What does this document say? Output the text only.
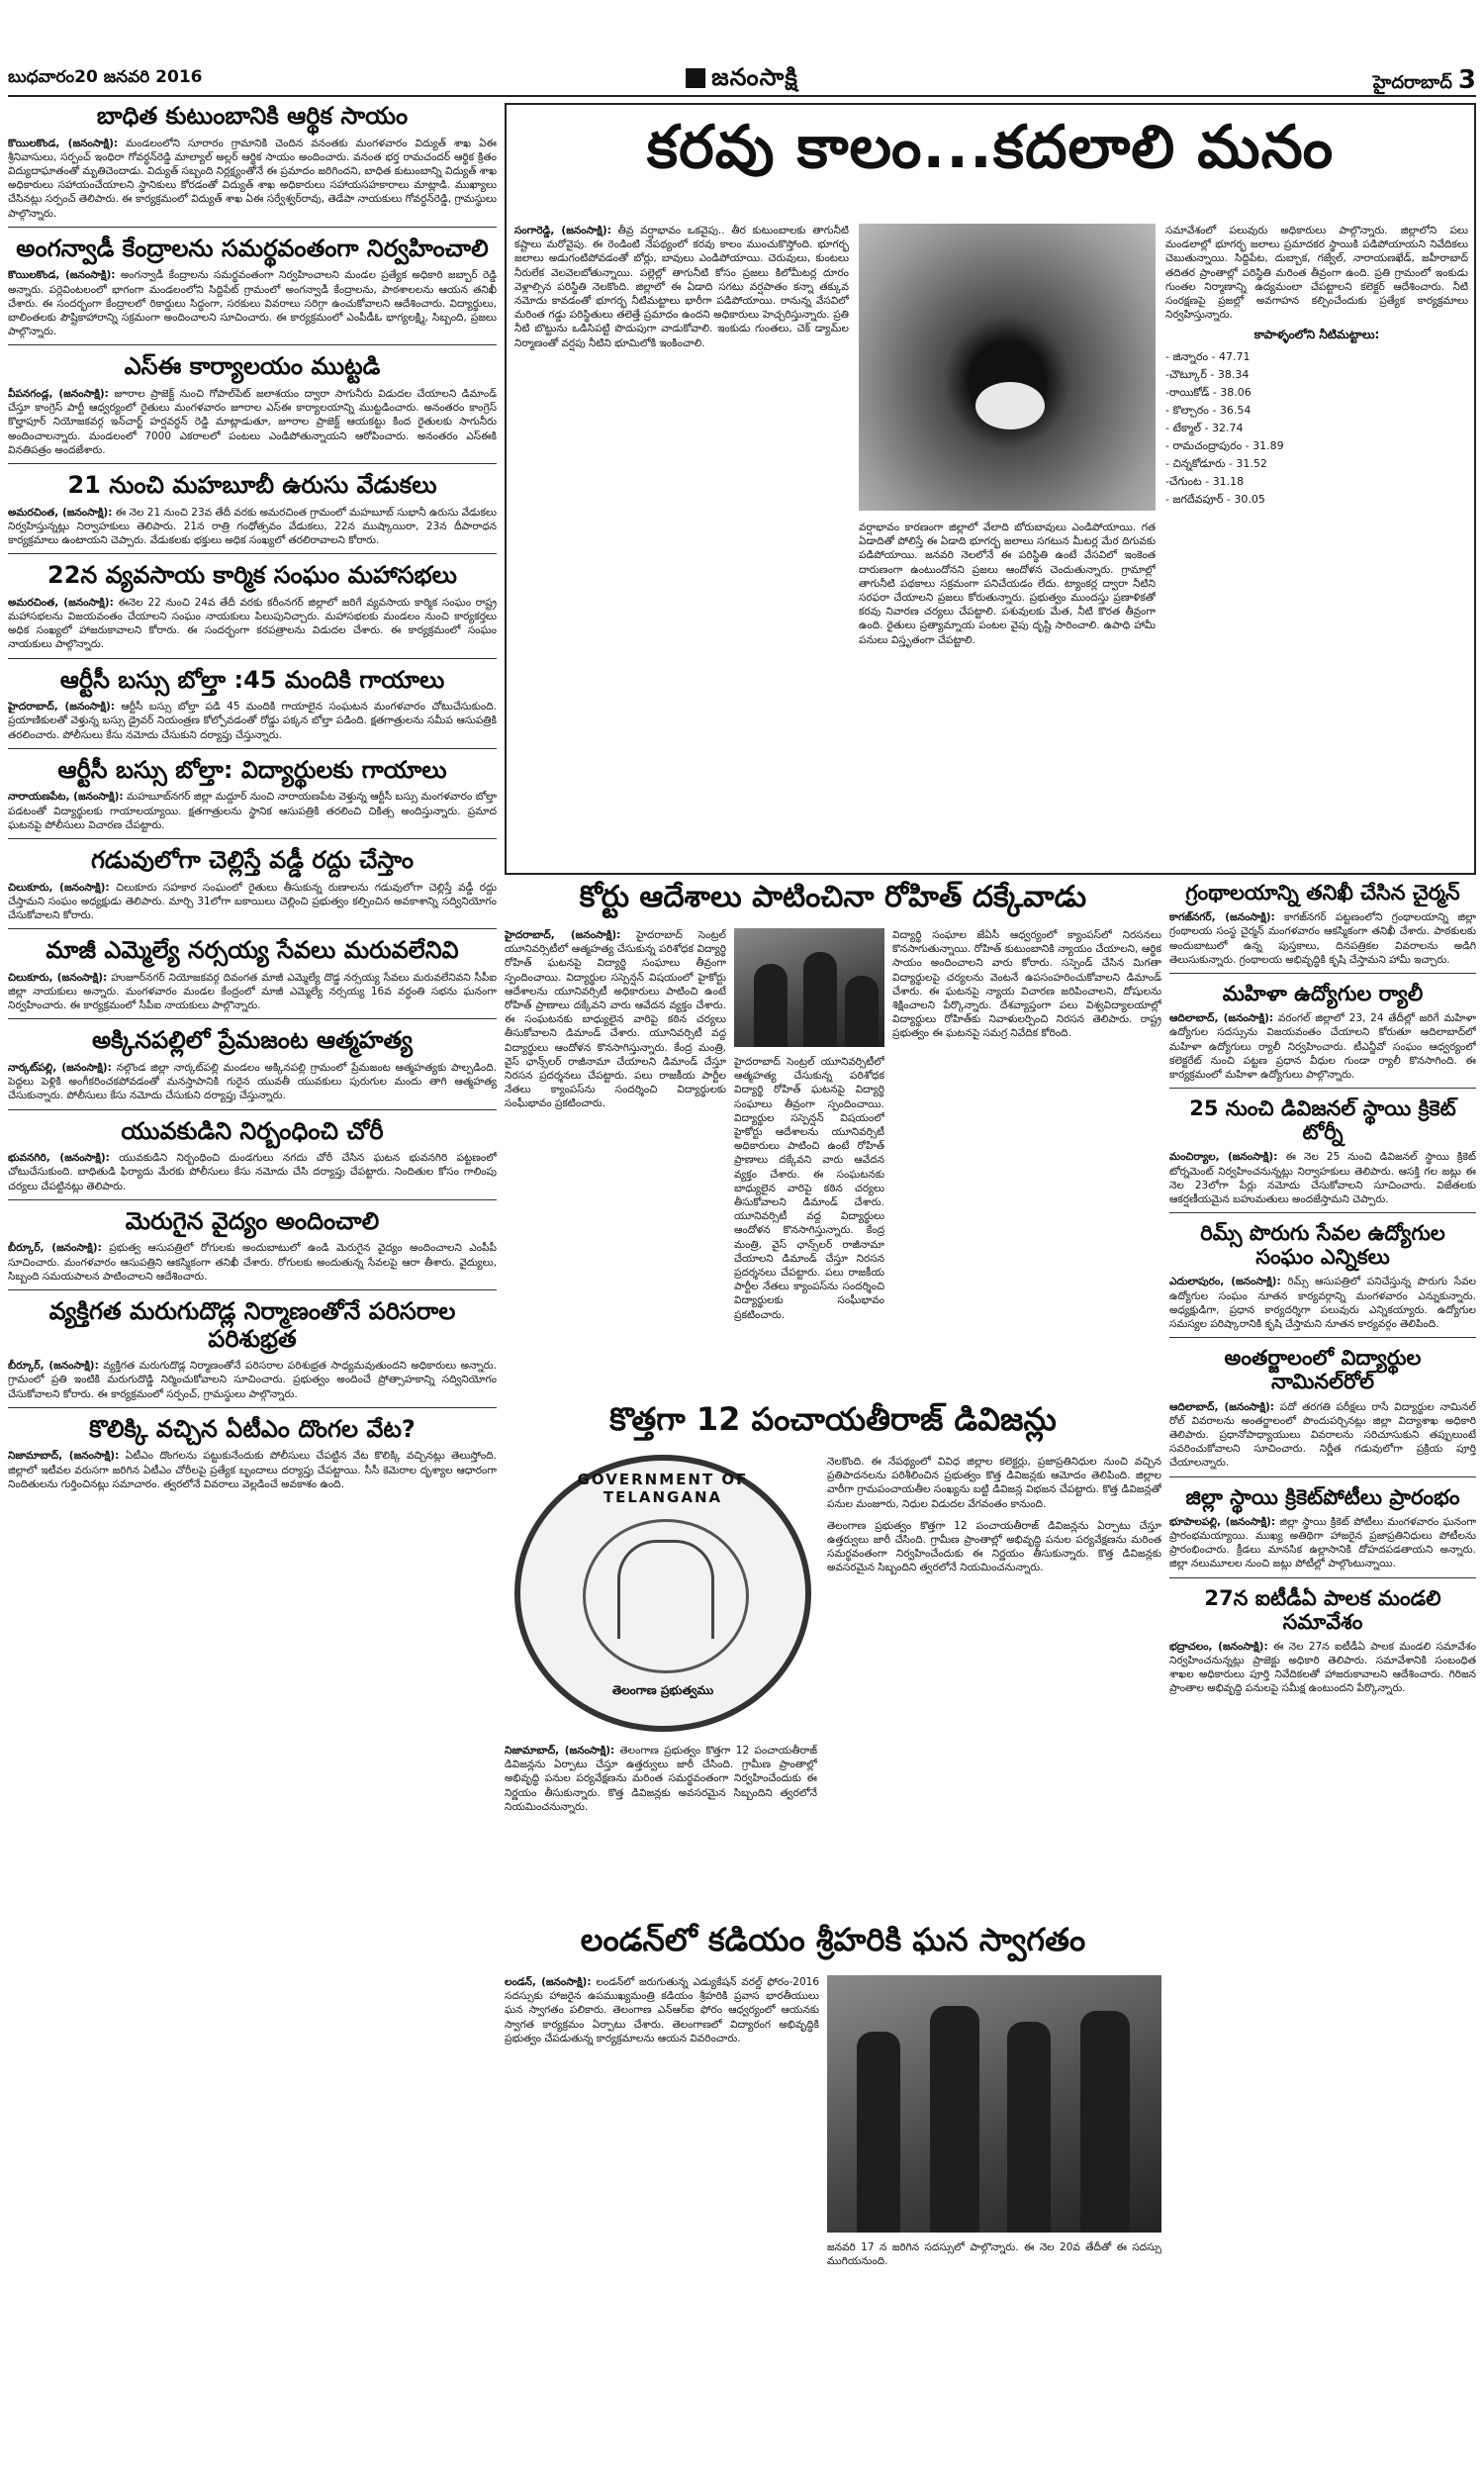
బుధవారం20 జనవరి 2016	జనంసాక్షి	హైదరాబాద్ 3
బాధిత కుటుంబానికి ఆర్థిక సాయం

కొయిలకొండ, (జనంసాక్షి): మండలంలోని సూరారం గ్రామానికి చెందిన వనంతకు మంగళవారం విద్యుత్‌ శాఖ ఏఈ శ్రీనివాసులు, సర్పంచ్‌ ఇంధిరా గోవర్ధన్‌రెడ్డి మాల్యాల్‌ అల్లర్‌ ఆర్థిక సాయం అందించారు. వనంత భర్త రామచందర్‌ ఆర్థిక క్రితం విద్యుదాఘాతంతో మృతిచెందాడు. విద్యుత్‌ సబ్బంది నిర్లక్ష్యంతోనే ఈ ప్రమాదం జరిగిందని, బాధిత కుటుంబాన్ని విద్యుత్‌ శాఖ అధికారులు సహాయంచేయాలని స్థానికులు కోరడంతో విద్యుత్‌ శాఖ అధికారులు సహాయసహకారాలు మాట్లాడి. ముఖ్యాలు చేసినట్లు సర్పంచ్‌ తెలిపారు. ఈ కార్యక్రమంలో విద్యుత్‌ శాఖ ఏఈ సర్వేశ్వర్‌రావు, తెడేపా నాయకులు గోవర్ధన్‌రెడ్డి, గ్రామస్థులు పాల్గొన్నారు.

అంగన్వాడీ కేంద్రాలను సమర్థవంతంగా నిర్వహించాలి

కొయిలకొండ, (జనంసాక్షి): అంగన్వాడీ కేంద్రాలను సమర్థవంతంగా నిర్వహించాలని మండల ప్రత్యేక అధికారి జబ్బార్‌ రెడ్డి అన్నారు. పర్లెవింటలంలో భాగంగా మండలంలోని సిద్దిపేట్‌ గ్రామంలో అంగన్వాడీ కేంద్రాలను, పాఠశాలలను ఆయన తనిఖీ చేశారు. ఈ సందర్భంగా కేంద్రాలలో రికార్డులు సిద్ధంగా, సరకులు వివరాలు సరిగ్గా ఉంచుకోవాలని ఆదేశించారు. విద్యార్థులు, బాలింతలకు పౌష్టికాహారాన్ని సక్రమంగా అందించాలని సూచించారు. ఈ కార్యక్రమంలో ఎంపీడీఓ భాగ్యలక్ష్మి, సిబ్బంది, ప్రజలు పాల్గొన్నారు.

ఎస్‌ఈ కార్యాలయం ముట్టడి

వీపనగండ్ల, (జనంసాక్షి): జూరాల ప్రాజెక్ట్‌ నుంచి గోపాల్‌పేట్‌ జలాశయం ద్వారా సాగునీరు విడుదల చేయాలని డిమాండ్‌ చేస్తూ కాంగ్రెస్‌ పార్టీ ఆధ్వర్యంలో రైతులు మంగళవారం జూరాల ఎస్‌ఈ కార్యాలయాన్ని ముట్టడించారు. అనంతరం కాంగ్రెస్‌ కొల్హాపూర్‌ నియోజకవర్గ ఇన్‌చార్జ్‌ హర్షవర్ధన్‌ రెడ్డి మాట్లాడుతూ, జూరాల ప్రాజెక్ట్‌ ఆయకట్టు కింద రైతులకు సాగునీరు అందించాలన్నారు. మండలంలో 7000 ఎకరాలలో పంటలు ఎండిపోతున్నాయని ఆరోపించారు. అనంతరం ఎస్‌ఈకి వినతిపత్రం అందజేశారు.

21 నుంచి మహబూబీ ఉరుసు వేడుకలు

అమరచింత, (జనంసాక్షి): ఈ నెల 21 నుంచి 23వ తేదీ వరకు అమరచింత గ్రామంలో మహబూబ్‌ సుభానీ ఉరుసు వేడుకలు నిర్వహిస్తున్నట్లు నిర్వాహకులు తెలిపారు. 21న రాత్రి గంధోత్సవం వేడుకలు, 22న ముష్కాయిరా, 23న దీపారాధన కార్యక్రమాలు ఉంటాయని చెప్పారు. వేడుకలకు భక్తులు అధిక సంఖ్యలో తరలిరావాలని కోరారు.

22న వ్యవసాయ కార్మిక సంఘం మహాసభలు

అమరచింత, (జనంసాక్షి): ఈనెల 22 నుంచి 24వ తేదీ వరకు కరీంనగర్‌ జిల్లాలో జరిగే వ్యవసాయ కార్మిక సంఘం రాష్ట్ర మహాసభలను విజయవంతం చేయాలని సంఘం నాయకులు పిలుపునిచ్చారు. మహాసభలకు మండలం నుంచి కార్యకర్తలు అధిక సంఖ్యలో హాజరుకావాలని కోరారు. ఈ సందర్భంగా కరపత్రాలను విడుదల చేశారు. ఈ కార్యక్రమంలో సంఘం నాయకులు పాల్గొన్నారు.

ఆర్టీసీ బస్సు బోల్తా :45 మందికి గాయాలు

హైదరాబాద్‌, (జనంసాక్షి): ఆర్టీసీ బస్సు బోల్తా పడి 45 మందికి గాయాలైన సంఘటన మంగళవారం చోటుచేసుకుంది. ప్రయాణికులతో వెళ్తున్న బస్సు డ్రైవర్‌ నియంత్రణ కోల్పోవడంతో రోడ్డు పక్కన బోల్తా పడింది. క్షతగాత్రులను సమీప ఆసుపత్రికి తరలించారు. పోలీసులు కేసు నమోదు చేసుకుని దర్యాప్తు చేస్తున్నారు.

ఆర్టీసీ బస్సు బోల్తా: విద్యార్థులకు గాయాలు

నారాయణపేట, (జనంసాక్షి): మహబూబ్‌నగర్‌ జిల్లా మద్దూర్‌ నుంచి నారాయణపేట వెళ్తున్న ఆర్టీసీ బస్సు మంగళవారం బోల్తా పడటంతో విద్యార్థులకు గాయాలయ్యాయి. క్షతగాత్రులను స్థానిక ఆసుపత్రికి తరలించి చికిత్స అందిస్తున్నారు. ప్రమాద ఘటనపై పోలీసులు విచారణ చేపట్టారు.

గడువులోగా చెల్లిస్తే వడ్డీ రద్దు చేస్తాం

చిలుకూరు, (జనంసాక్షి): చిలుకూరు సహకార సంఘంలో రైతులు తీసుకున్న రుణాలను గడువులోగా చెల్లిస్తే వడ్డీ రద్దు చేస్తామని సంఘం అధ్యక్షుడు తెలిపారు. మార్చి 31లోగా బకాయిలు చెల్లించి ప్రభుత్వం కల్పించిన అవకాశాన్ని సద్వినియోగం చేసుకోవాలని కోరారు.

మాజీ ఎమ్మెల్యే నర్సయ్య సేవలు మరువలేనివి

చిలుకూరు, (జనంసాక్షి): హుజూర్‌నగర్‌ నియోజకవర్గ దివంగత మాజీ ఎమ్మెల్యే దొడ్డ నర్సయ్య సేవలు మరువలేనివని సీపీఐ జిల్లా నాయకులు అన్నారు. మంగళవారం మండల కేంద్రంలో మాజీ ఎమ్మెల్యే నర్సయ్య 16వ వర్ధంతి సభను ఘనంగా నిర్వహించారు. ఈ కార్యక్రమంలో సీపీఐ నాయకులు పాల్గొన్నారు.

అక్కినపల్లిలో ప్రేమజంట ఆత్మహత్య

నార్కట్‌పల్లి, (జనంసాక్షి): నల్గొండ జిల్లా నార్కట్‌పల్లి మండలం అక్కినపల్లి గ్రామంలో ప్రేమజంట ఆత్మహత్యకు పాల్పడింది. పెద్దలు పెళ్లికి అంగీకరించకపోవడంతో మనస్తాపానికి గురైన యువతీ యువకులు పురుగుల మందు తాగి ఆత్మహత్య చేసుకున్నారు. పోలీసులు కేసు నమోదు చేసుకుని దర్యాప్తు చేస్తున్నారు.

యువకుడిని నిర్బంధించి చోరీ

భువనగిరి, (జనంసాక్షి): యువకుడిని నిర్బంధించి దుండగులు నగదు చోరీ చేసిన ఘటన భువనగిరి పట్టణంలో చోటుచేసుకుంది. బాధితుడి ఫిర్యాదు మేరకు పోలీసులు కేసు నమోదు చేసి దర్యాప్తు చేపట్టారు. నిందితుల కోసం గాలింపు చర్యలు చేపట్టినట్లు తెలిపారు.

మెరుగైన వైద్యం అందించాలి

బీర్కూర్‌, (జనంసాక్షి): ప్రభుత్వ ఆసుపత్రిలో రోగులకు అందుబాటులో ఉండి మెరుగైన వైద్యం అందించాలని ఎంపీపీ సూచించారు. మంగళవారం ఆసుపత్రిని ఆకస్మికంగా తనిఖీ చేశారు. రోగులకు అందుతున్న సేవలపై ఆరా తీశారు. వైద్యులు, సిబ్బంది సమయపాలన పాటించాలని ఆదేశించారు.

వ్యక్తిగత మరుగుదొడ్ల నిర్మాణంతోనే పరిసరాల పరిశుభ్రత

బీర్కూర్‌, (జనంసాక్షి): వ్యక్తిగత మరుగుదొడ్ల నిర్మాణంతోనే పరిసరాల పరిశుభ్రత సాధ్యమవుతుందని అధికారులు అన్నారు. గ్రామంలో ప్రతి ఇంటికి మరుగుదొడ్డి నిర్మించుకోవాలని సూచించారు. ప్రభుత్వం అందించే ప్రోత్సాహకాన్ని సద్వినియోగం చేసుకోవాలని కోరారు. ఈ కార్యక్రమంలో సర్పంచ్‌, గ్రామస్థులు పాల్గొన్నారు.

కొలిక్కి వచ్చిన ఏటీఎం దొంగల వేట?

నిజామాబాద్‌, (జనంసాక్షి): ఏటీఎం దొంగలను పట్టుకునేందుకు పోలీసులు చేపట్టిన వేట కొలిక్కి వచ్చినట్లు తెలుస్తోంది. జిల్లాలో ఇటీవల వరుసగా జరిగిన ఏటీఎం చోరీలపై ప్రత్యేక బృందాలు దర్యాప్తు చేపట్టాయి. సీసీ కెమెరాల దృశ్యాల ఆధారంగా నిందితులను గుర్తించినట్లు సమాచారం. త్వరలోనే వివరాలు వెల్లడించే అవకాశం ఉంది.

కరవు కాలం...కదలాలి మనం

సంగారెడ్డి, (జనంసాక్షి): తీవ్ర వర్షాభావం ఒకవైపు.. తీర కుటుంబాలకు తాగునీటి కష్టాలు మరోవైపు. ఈ రెండింటి నేపథ్యంలో కరవు కాలం ముంచుకొస్తోంది. భూగర్భ జలాలు అడుగంటిపోవడంతో బోర్లు, బావులు ఎండిపోయాయి. చెరువులు, కుంటలు నీరులేక వెలవెలబోతున్నాయి. పల్లెల్లో తాగునీటి కోసం ప్రజలు కిలోమీటర్ల దూరం వెళ్లాల్సిన పరిస్థితి నెలకొంది. జిల్లాలో ఈ ఏడాది సగటు వర్షపాతం కన్నా తక్కువ నమోదు కావడంతో భూగర్భ నీటిమట్టాలు భారీగా పడిపోయాయి. రానున్న వేసవిలో మరింత గడ్డు పరిస్థితులు తలెత్తే ప్రమాదం ఉందని అధికారులు హెచ్చరిస్తున్నారు. ప్రతి నీటి బొట్టును ఒడిసిపట్టి పొదుపుగా వాడుకోవాలి. ఇంకుడు గుంతలు, చెక్‌ డ్యామ్‌ల నిర్మాణంతో వర్షపు నీటిని భూమిలోకి ఇంకించాలి.

వర్షాభావం కారణంగా జిల్లాలో వేలాది బోరుబావులు ఎండిపోయాయి. గత ఏడాదితో పోలిస్తే ఈ ఏడాది భూగర్భ జలాలు సగటున మీటర్ల మేర దిగువకు పడిపోయాయి. జనవరి నెలలోనే ఈ పరిస్థితి ఉంటే వేసవిలో ఇంకెంత దారుణంగా ఉంటుందోనని ప్రజలు ఆందోళన చెందుతున్నారు. గ్రామాల్లో తాగునీటి పథకాలు సక్రమంగా పనిచేయడం లేదు. ట్యాంకర్ల ద్వారా నీటిని సరఫరా చేయాలని ప్రజలు కోరుతున్నారు. ప్రభుత్వం ముందస్తు ప్రణాళికతో కరవు నివారణ చర్యలు చేపట్టాలి. పశువులకు మేత, నీటి కొరత తీవ్రంగా ఉంది. రైతులు ప్రత్యామ్నాయ పంటల వైపు దృష్టి సారించాలి. ఉపాధి హామీ పనులు విస్తృతంగా చేపట్టాలి.

సమావేశంలో పలువురు అధికారులు పాల్గొన్నారు. జిల్లాలోని పలు మండలాల్లో భూగర్భ జలాలు ప్రమాదకర స్థాయికి పడిపోయాయని నివేదికలు చెబుతున్నాయి. సిద్దిపేట, దుబ్బాక, గజ్వేల్‌, నారాయణఖేడ్‌, జహీరాబాద్‌ తదితర ప్రాంతాల్లో పరిస్థితి మరింత తీవ్రంగా ఉంది. ప్రతి గ్రామంలో ఇంకుడు గుంతల నిర్మాణాన్ని ఉద్యమంలా చేపట్టాలని కలెక్టర్‌ ఆదేశించారు. నీటి సంరక్షణపై ప్రజల్లో అవగాహన కల్పించేందుకు ప్రత్యేక కార్యక్రమాలు నిర్వహిస్తున్నారు.

కాపాళ్ళంలోని నీటిమట్టాలు:
- జిన్నారం - 47.71
-చౌట్కూర్‌ - 38.34
-రాయికోడ్‌ - 38.06
- కొల్చారం - 36.54
- టేక్మాల్‌ - 32.74
- రామచంద్రాపురం - 31.89
- చిన్నకోడూరు - 31.52
-చేగుంట - 31.18
- జగదేవపూర్‌ - 30.05
కోర్టు ఆదేశాలు పాటించినా రోహిత్‌ దక్కేవాడు

హైదరాబాద్‌, (జనంసాక్షి): హైదరాబాద్‌ సెంట్రల్‌ యూనివర్సిటీలో ఆత్మహత్య చేసుకున్న పరిశోధక విద్యార్థి రోహిత్‌ ఘటనపై విద్యార్థి సంఘాలు తీవ్రంగా స్పందించాయి. విద్యార్థుల సస్పెన్షన్‌ విషయంలో హైకోర్టు ఆదేశాలను యూనివర్సిటీ అధికారులు పాటించి ఉంటే రోహిత్‌ ప్రాణాలు దక్కేవని వారు ఆవేదన వ్యక్తం చేశారు. ఈ సంఘటనకు బాధ్యులైన వారిపై కఠిన చర్యలు తీసుకోవాలని డిమాండ్‌ చేశారు. యూనివర్సిటీ వద్ద విద్యార్థులు ఆందోళన కొనసాగిస్తున్నారు. కేంద్ర మంత్రి, వైస్‌ ఛాన్స్‌లర్‌ రాజీనామా చేయాలని డిమాండ్‌ చేస్తూ నిరసన ప్రదర్శనలు చేపట్టారు. పలు రాజకీయ పార్టీల నేతలు క్యాంపస్‌ను సందర్శించి విద్యార్థులకు సంఘీభావం ప్రకటించారు.

హైదరాబాద్‌ సెంట్రల్‌ యూనివర్సిటీలో ఆత్మహత్య చేసుకున్న పరిశోధక విద్యార్థి రోహిత్‌ ఘటనపై విద్యార్థి సంఘాలు తీవ్రంగా స్పందించాయి. విద్యార్థుల సస్పెన్షన్‌ విషయంలో హైకోర్టు ఆదేశాలను యూనివర్సిటీ అధికారులు పాటించి ఉంటే రోహిత్‌ ప్రాణాలు దక్కేవని వారు ఆవేదన వ్యక్తం చేశారు. ఈ సంఘటనకు బాధ్యులైన వారిపై కఠిన చర్యలు తీసుకోవాలని డిమాండ్‌ చేశారు. యూనివర్సిటీ వద్ద విద్యార్థులు ఆందోళన కొనసాగిస్తున్నారు. కేంద్ర మంత్రి, వైస్‌ ఛాన్స్‌లర్‌ రాజీనామా చేయాలని డిమాండ్‌ చేస్తూ నిరసన ప్రదర్శనలు చేపట్టారు. పలు రాజకీయ పార్టీల నేతలు క్యాంపస్‌ను సందర్శించి విద్యార్థులకు సంఘీభావం ప్రకటించారు.

విద్యార్థి సంఘాల జేఏసీ ఆధ్వర్యంలో క్యాంపస్‌లో నిరసనలు కొనసాగుతున్నాయి. రోహిత్‌ కుటుంబానికి న్యాయం చేయాలని, ఆర్థిక సాయం అందించాలని వారు కోరారు. సస్పెండ్‌ చేసిన మిగతా విద్యార్థులపై చర్యలను వెంటనే ఉపసంహరించుకోవాలని డిమాండ్‌ చేశారు. ఈ ఘటనపై న్యాయ విచారణ జరిపించాలని, దోషులను శిక్షించాలని పేర్కొన్నారు. దేశవ్యాప్తంగా పలు విశ్వవిద్యాలయాల్లో విద్యార్థులు రోహిత్‌కు నివాళులర్పించి నిరసన తెలిపారు. రాష్ట్ర ప్రభుత్వం ఈ ఘటనపై సమగ్ర నివేదిక కోరింది.

కొత్తగా 12 పంచాయతీరాజ్‌ డివిజన్లు
GOVERNMENT OF TELANGANA
తెలంగాణ ప్రభుత్వము

నిజామాబాద్‌, (జనంసాక్షి): తెలంగాణ ప్రభుత్వం కొత్తగా 12 పంచాయతీరాజ్‌ డివిజన్లను ఏర్పాటు చేస్తూ ఉత్తర్వులు జారీ చేసింది. గ్రామీణ ప్రాంతాల్లో అభివృద్ధి పనుల పర్యవేక్షణను మరింత సమర్థవంతంగా నిర్వహించేందుకు ఈ నిర్ణయం తీసుకున్నారు. కొత్త డివిజన్లకు అవసరమైన సిబ్బందిని త్వరలోనే నియమించనున్నారు.

నెలకొంది. ఈ నేపథ్యంలో వివిధ జిల్లాల కలెక్టర్లు, ప్రజాప్రతినిధుల నుంచి వచ్చిన ప్రతిపాదనలను పరిశీలించిన ప్రభుత్వం కొత్త డివిజన్లకు ఆమోదం తెలిపింది. జిల్లాల వారీగా గ్రామపంచాయతీల సంఖ్యను బట్టి డివిజన్ల విభజన చేపట్టారు. కొత్త డివిజన్లతో పనుల మంజూరు, నిధుల విడుదల వేగవంతం కానుంది.

తెలంగాణ ప్రభుత్వం కొత్తగా 12 పంచాయతీరాజ్‌ డివిజన్లను ఏర్పాటు చేస్తూ ఉత్తర్వులు జారీ చేసింది. గ్రామీణ ప్రాంతాల్లో అభివృద్ధి పనుల పర్యవేక్షణను మరింత సమర్థవంతంగా నిర్వహించేందుకు ఈ నిర్ణయం తీసుకున్నారు. కొత్త డివిజన్లకు అవసరమైన సిబ్బందిని త్వరలోనే నియమించనున్నారు.

లండన్‌లో కడియం శ్రీహరికి ఘన స్వాగతం

లండన్‌, (జనంసాక్షి): లండన్‌లో జరుగుతున్న ఎడ్యుకేషన్‌ వరల్డ్‌ ఫోరం-2016 సదస్సుకు హాజరైన ఉపముఖ్యమంత్రి కడియం శ్రీహరికి ప్రవాస భారతీయులు ఘన స్వాగతం పలికారు. తెలంగాణ ఎన్‌ఆర్‌ఐ ఫోరం ఆధ్వర్యంలో ఆయనకు స్వాగత కార్యక్రమం ఏర్పాటు చేశారు. తెలంగాణలో విద్యారంగ అభివృద్ధికి ప్రభుత్వం చేపడుతున్న కార్యక్రమాలను ఆయన వివరించారు.

జనవరి 17 న జరిగిన సదస్సులో పాల్గొన్నారు. ఈ నెల 20వ తేదీతో ఈ సదస్సు ముగియనుంది.

గ్రంథాలయాన్ని తనిఖీ చేసిన చైర్మన్‌

కాగజ్‌నగర్‌, (జనంసాక్షి): కాగజ్‌నగర్‌ పట్టణంలోని గ్రంథాలయాన్ని జిల్లా గ్రంథాలయ సంస్థ చైర్మన్‌ మంగళవారం ఆకస్మికంగా తనిఖీ చేశారు. పాఠకులకు అందుబాటులో ఉన్న పుస్తకాలు, దినపత్రికల వివరాలను అడిగి తెలుసుకున్నారు. గ్రంథాలయ అభివృద్ధికి కృషి చేస్తామని హామీ ఇచ్చారు.

మహిళా ఉద్యోగుల ర్యాలీ

ఆదిలాబాద్‌, (జనంసాక్షి): వరంగల్‌ జిల్లాలో 23, 24 తేదీల్లో జరిగే మహిళా ఉద్యోగుల సదస్సును విజయవంతం చేయాలని కోరుతూ ఆదిలాబాద్‌లో మహిళా ఉద్యోగులు ర్యాలీ నిర్వహించారు. టీఎన్జీవో సంఘం ఆధ్వర్యంలో కలెక్టరేట్‌ నుంచి పట్టణ ప్రధాన వీధుల గుండా ర్యాలీ కొనసాగింది. ఈ కార్యక్రమంలో మహిళా ఉద్యోగులు పాల్గొన్నారు.

25 నుంచి డివిజనల్‌ స్థాయి క్రికెట్‌ టోర్నీ

మంచిర్యాల, (జనంసాక్షి): ఈ నెల 25 నుంచి డివిజనల్‌ స్థాయి క్రికెట్‌ టోర్నమెంట్‌ నిర్వహించనున్నట్లు నిర్వాహకులు తెలిపారు. ఆసక్తి గల జట్లు ఈ నెల 23లోగా పేర్లు నమోదు చేసుకోవాలని సూచించారు. విజేతలకు ఆకర్షణీయమైన బహుమతులు అందజేస్తామని చెప్పారు.

రిమ్స్‌ పొరుగు సేవల ఉద్యోగుల సంఘం ఎన్నికలు

ఎదులాపురం, (జనంసాక్షి): రిమ్స్‌ ఆసుపత్రిలో పనిచేస్తున్న పొరుగు సేవల ఉద్యోగుల సంఘం నూతన కార్యవర్గాన్ని మంగళవారం ఎన్నుకున్నారు. అధ్యక్షుడిగా, ప్రధాన కార్యదర్శిగా పలువురు ఎన్నికయ్యారు. ఉద్యోగుల సమస్యల పరిష్కారానికి కృషి చేస్తామని నూతన కార్యవర్గం తెలిపింది.

అంతర్జాలంలో విద్యార్థుల నామినల్‌రోల్‌

ఆదిలాబాద్‌, (జనంసాక్షి): పదో తరగతి పరీక్షలు రాసే విద్యార్థుల నామినల్‌ రోల్‌ వివరాలను అంతర్జాలంలో పొందుపర్చినట్లు జిల్లా విద్యాశాఖ అధికారి తెలిపారు. ప్రధానోపాధ్యాయులు వివరాలను సరిచూసుకుని తప్పులుంటే సవరించుకోవాలని సూచించారు. నిర్ణీత గడువులోగా ప్రక్రియ పూర్తి చేయాలన్నారు.

జిల్లా స్థాయి క్రికెట్‌పోటీలు ప్రారంభం

భూపాలపల్లి, (జనంసాక్షి): జిల్లా స్థాయి క్రికెట్‌ పోటీలు మంగళవారం ఘనంగా ప్రారంభమయ్యాయి. ముఖ్య అతిథిగా హాజరైన ప్రజాప్రతినిధులు పోటీలను ప్రారంభించారు. క్రీడలు మానసిక ఉల్లాసానికి దోహదపడతాయని అన్నారు. జిల్లా నలుమూలల నుంచి జట్లు పోటీల్లో పాల్గొంటున్నాయి.

27న ఐటీడీఏ పాలక మండలి సమావేశం

భద్రాచలం, (జనంసాక్షి): ఈ నెల 27న ఐటీడీఏ పాలక మండలి సమావేశం నిర్వహించనున్నట్లు ప్రాజెక్టు అధికారి తెలిపారు. సమావేశానికి సంబంధిత శాఖల అధికారులు పూర్తి నివేదికలతో హాజరుకావాలని ఆదేశించారు. గిరిజన ప్రాంతాల అభివృద్ధి పనులపై సమీక్ష ఉంటుందని పేర్కొన్నారు.
